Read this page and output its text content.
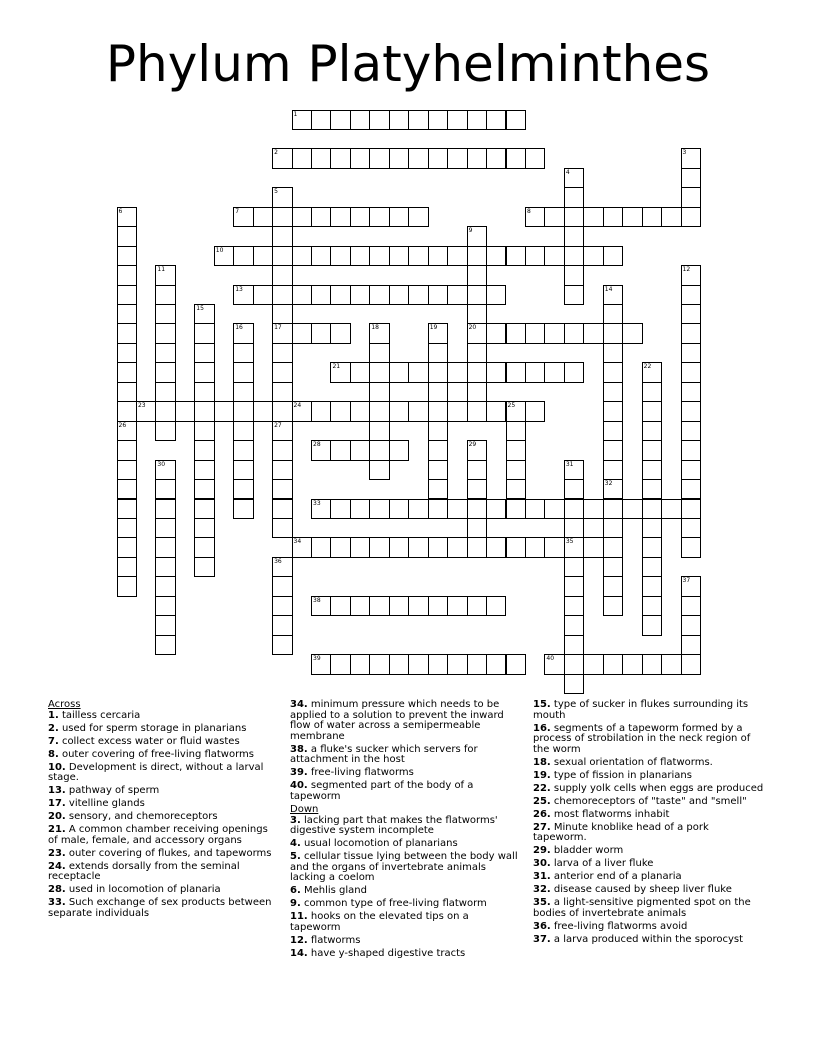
Phylum Platyhelminthes
1
2	3
4
5
17
6
26
7	8
9
20
10
11	12
13	14
15
16	18	19
21	22
23	24	25
27
28	29
30	31
35
32
33
34
36
37
38
39	40
Across
1. tailless cercaria
2. used for sperm storage in planarians
7. collect excess water or fluid wastes
8. outer covering of free-living flatworms
10. Development is direct, without a larval stage.
13. pathway of sperm
17. vitelline glands
20. sensory, and chemoreceptors
21. A common chamber receiving openings of male, female, and accessory organs
23. outer covering of flukes, and tapeworms
24. extends dorsally from the seminal receptacle
28. used in locomotion of planaria
33. Such exchange of sex products between separate individuals
34. minimum pressure which needs to be applied to a solution to prevent the inward flow of water across a semipermeable membrane
38. a fluke's sucker which servers for attachment in the host
39. free-living flatworms
40. segmented part of the body of a tapeworm
Down
3. lacking part that makes the flatworms' digestive system incomplete
4. usual locomotion of planarians
5. cellular tissue lying between the body wall and the organs of invertebrate animals lacking a coelom
6. Mehlis gland
9. common type of free-living flatworm
11. hooks on the elevated tips on a tapeworm
12. flatworms
14. have y-shaped digestive tracts
15. type of sucker in flukes surrounding its mouth
16. segments of a tapeworm formed by a process of strobilation in the neck region of the worm
18. sexual orientation of flatworms.
19. type of fission in planarians
22. supply yolk cells when eggs are produced
25. chemoreceptors of "taste" and "smell"
26. most flatworms inhabit
27. Minute knoblike head of a pork tapeworm.
29. bladder worm
30. larva of a liver fluke
31. anterior end of a planaria
32. disease caused by sheep liver fluke
35. a light-sensitive pigmented spot on the bodies of invertebrate animals
36. free-living flatworms avoid
37. a larva produced within the sporocyst
